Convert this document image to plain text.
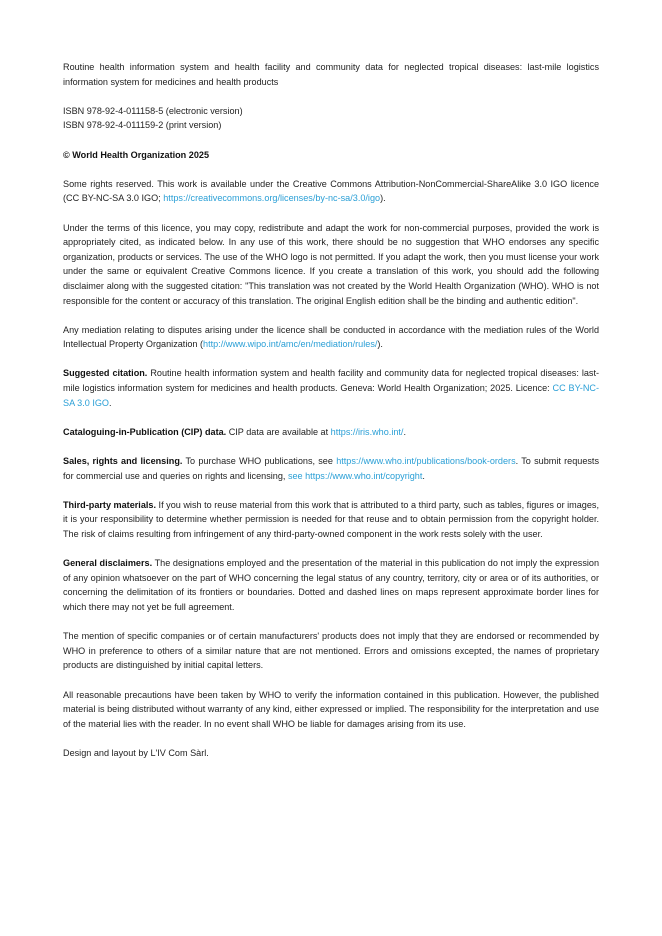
Routine health information system and health facility and community data for neglected tropical diseases: last-mile logistics information system for medicines and health products

ISBN 978-92-4-011158-5 (electronic version)
ISBN 978-92-4-011159-2 (print version)

© World Health Organization 2025

Some rights reserved. This work is available under the Creative Commons Attribution-NonCommercial-ShareAlike 3.0 IGO licence (CC BY-NC-SA 3.0 IGO; https://creativecommons.org/licenses/by-nc-sa/3.0/igo).

Under the terms of this licence, you may copy, redistribute and adapt the work for non-commercial purposes, provided the work is appropriately cited, as indicated below. In any use of this work, there should be no suggestion that WHO endorses any specific organization, products or services. The use of the WHO logo is not permitted. If you adapt the work, then you must license your work under the same or equivalent Creative Commons licence. If you create a translation of this work, you should add the following disclaimer along with the suggested citation: "This translation was not created by the World Health Organization (WHO). WHO is not responsible for the content or accuracy of this translation. The original English edition shall be the binding and authentic edition".

Any mediation relating to disputes arising under the licence shall be conducted in accordance with the mediation rules of the World Intellectual Property Organization (http://www.wipo.int/amc/en/mediation/rules/).

Suggested citation. Routine health information system and health facility and community data for neglected tropical diseases: last-mile logistics information system for medicines and health products. Geneva: World Health Organization; 2025. Licence: CC BY-NC-SA 3.0 IGO.

Cataloguing-in-Publication (CIP) data. CIP data are available at https://iris.who.int/.

Sales, rights and licensing. To purchase WHO publications, see https://www.who.int/publications/book-orders. To submit requests for commercial use and queries on rights and licensing, see https://www.who.int/copyright.

Third-party materials. If you wish to reuse material from this work that is attributed to a third party, such as tables, figures or images, it is your responsibility to determine whether permission is needed for that reuse and to obtain permission from the copyright holder. The risk of claims resulting from infringement of any third-party-owned component in the work rests solely with the user.

General disclaimers. The designations employed and the presentation of the material in this publication do not imply the expression of any opinion whatsoever on the part of WHO concerning the legal status of any country, territory, city or area or of its authorities, or concerning the delimitation of its frontiers or boundaries. Dotted and dashed lines on maps represent approximate border lines for which there may not yet be full agreement.

The mention of specific companies or of certain manufacturers' products does not imply that they are endorsed or recommended by WHO in preference to others of a similar nature that are not mentioned. Errors and omissions excepted, the names of proprietary products are distinguished by initial capital letters.

All reasonable precautions have been taken by WHO to verify the information contained in this publication. However, the published material is being distributed without warranty of any kind, either expressed or implied. The responsibility for the interpretation and use of the material lies with the reader. In no event shall WHO be liable for damages arising from its use.

Design and layout by L'IV Com Sàrl.
